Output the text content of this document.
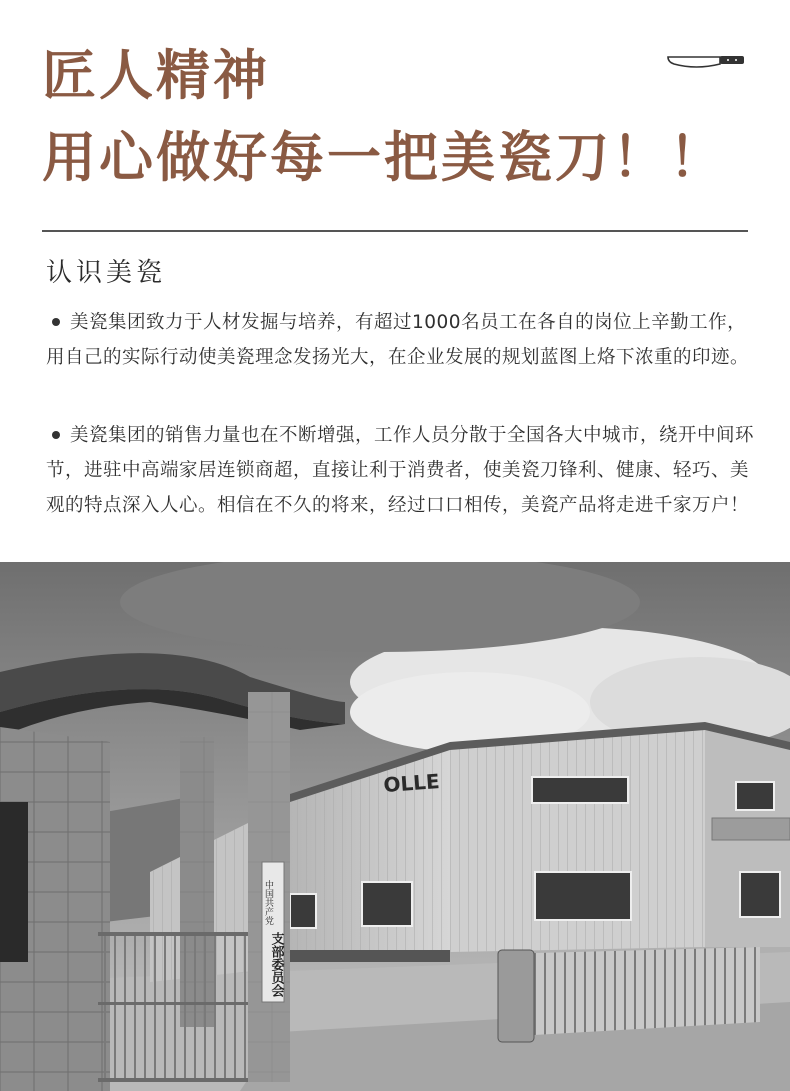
匠人精神
用心做好每一把美瓷刀！！
认识美瓷
美瓷集团致力于人材发掘与培养，有超过1000名员工在各自的岗位上辛勤工作，用自己的实际行动使美瓷理念发扬光大，在企业发展的规划蓝图上烙下浓重的印迹。
美瓷集团的销售力量也在不断增强，工作人员分散于全国各大中城市，绕开中间环节，进驻中高端家居连锁商超，直接让利于消费者，使美瓷刀锋利、健康、轻巧、美观的特点深入人心。相信在不久的将来，经过口口相传，美瓷产品将走进千家万户！
OLLE
中国共产党
支部委员会
